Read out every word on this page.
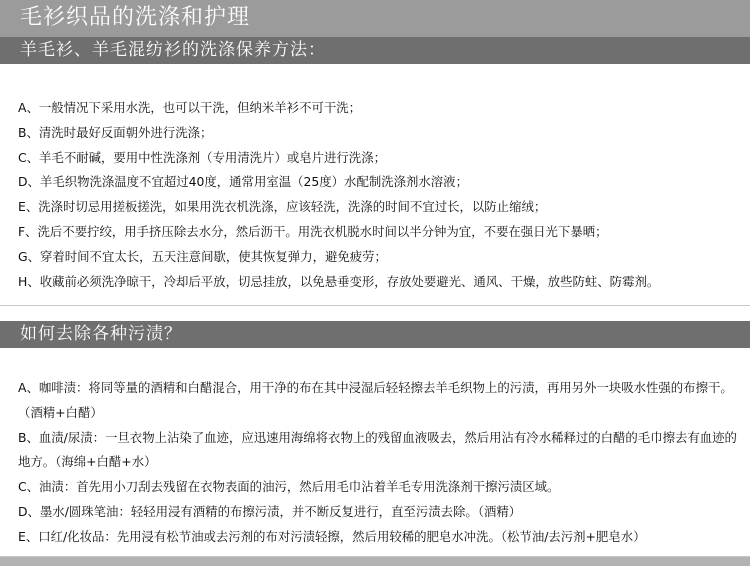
毛衫织品的洗涤和护理
羊毛衫、羊毛混纺衫的洗涤保养方法：
A、一般情况下采用水洗，也可以干洗，但纳米羊衫不可干洗；
B、清洗时最好反面朝外进行洗涤；
C、羊毛不耐碱，要用中性洗涤剂（专用清洗片）或皂片进行洗涤；
D、羊毛织物洗涤温度不宜超过40度，通常用室温（25度）水配制洗涤剂水溶液；
E、洗涤时切忌用搓板搓洗，如果用洗衣机洗涤，应该轻洗，洗涤的时间不宜过长，以防止缩绒；
F、洗后不要拧绞，用手挤压除去水分，然后沥干。用洗衣机脱水时间以半分钟为宜，不要在强日光下暴晒；
G、穿着时间不宜太长，五天注意间歇，使其恢复弹力，避免疲劳；
H、收藏前必须洗净晾干，冷却后平放，切忌挂放，以免悬垂变形，存放处要避光、通风、干燥，放些防蛀、防霉剂。
如何去除各种污渍？
A、咖啡渍：将同等量的酒精和白醋混合，用干净的布在其中浸湿后轻轻擦去羊毛织物上的污渍，再用另外一块吸水性强的布擦干。（酒精+白醋）
B、血渍/尿渍：一旦衣物上沾染了血迹，应迅速用海绵将衣物上的残留血液吸去，然后用沾有冷水稀释过的白醋的毛巾擦去有血迹的地方。（海绵+白醋+水）
C、油渍：首先用小刀刮去残留在衣物表面的油污，然后用毛巾沾着羊毛专用洗涤剂干擦污渍区域。
D、墨水/圆珠笔油：轻轻用浸有酒精的布擦污渍，并不断反复进行，直至污渍去除。（酒精）
E、口红/化妆品：先用浸有松节油或去污剂的布对污渍轻擦，然后用较稀的肥皂水冲洗。（松节油/去污剂+肥皂水）
